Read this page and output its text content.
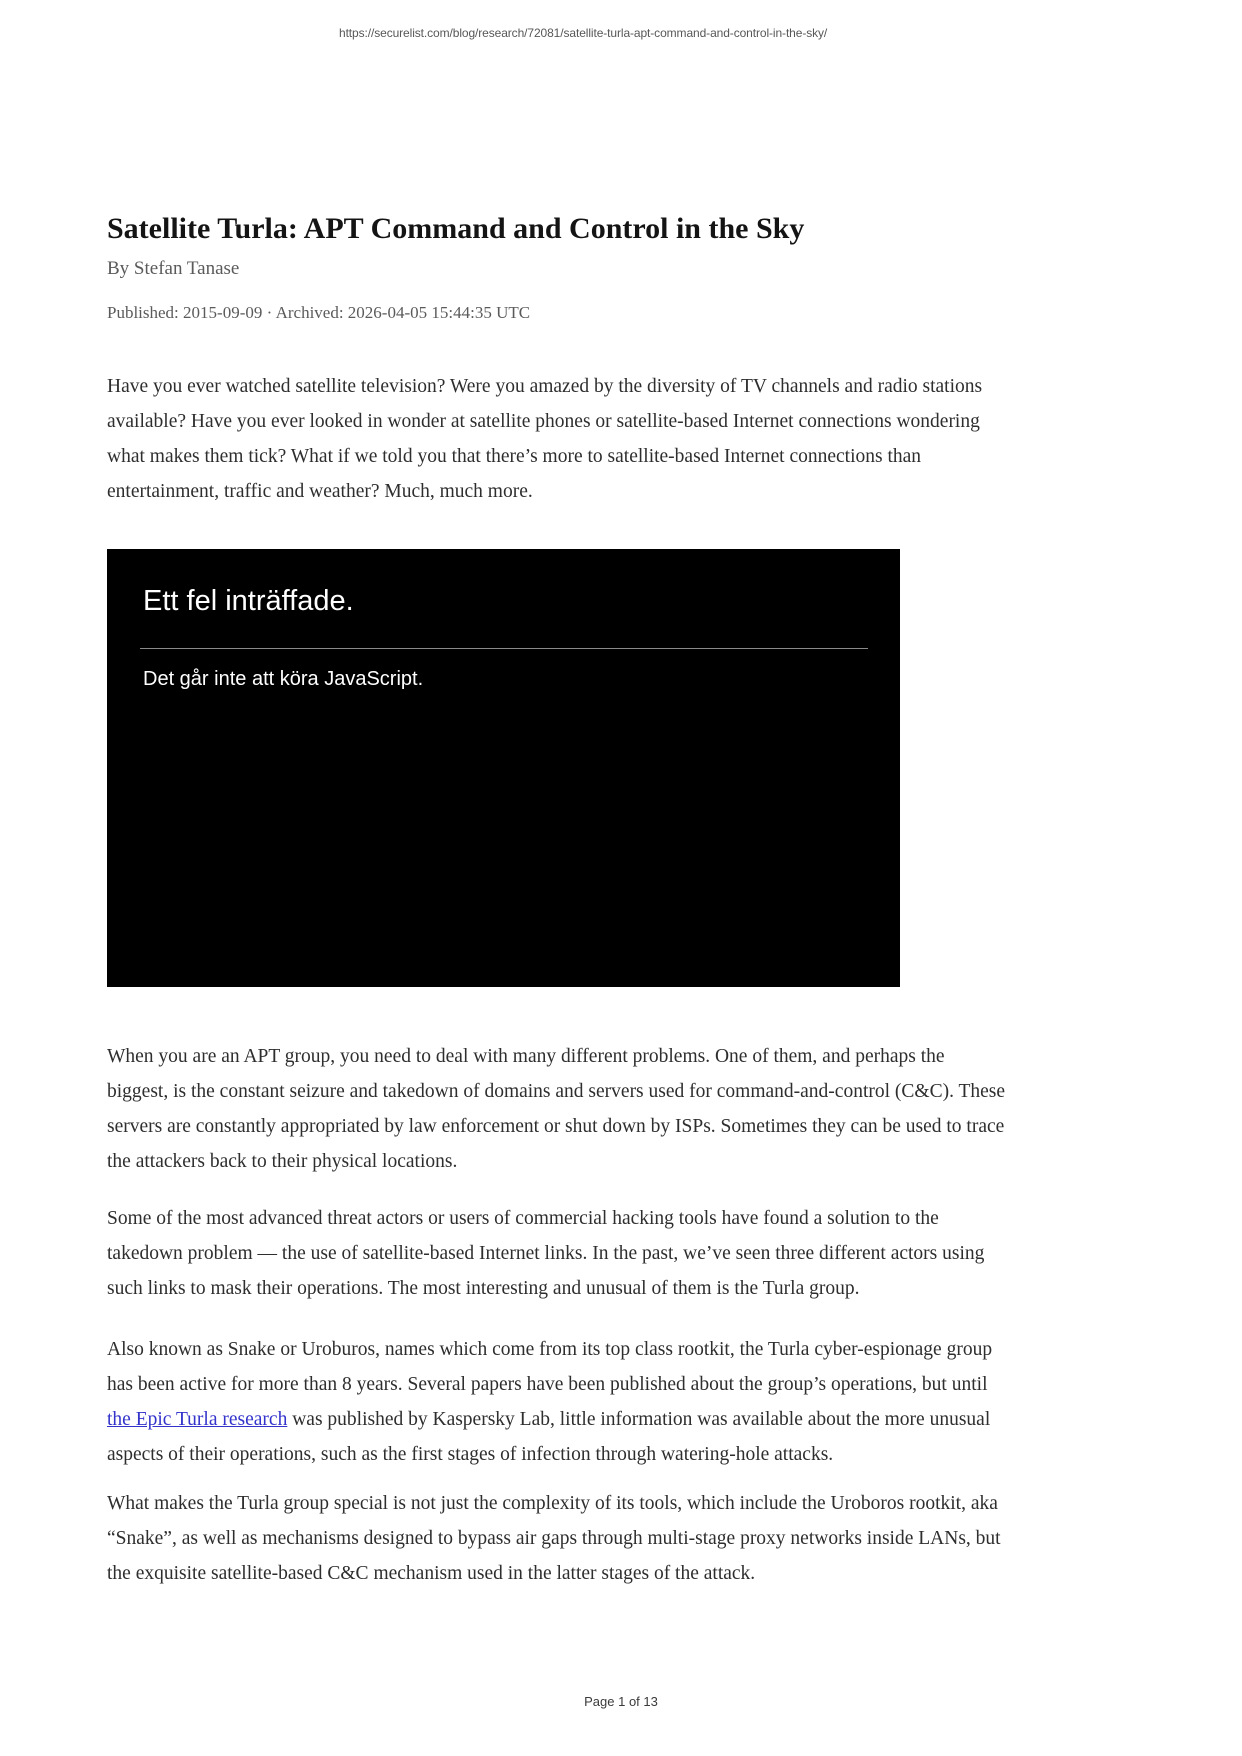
https://securelist.com/blog/research/72081/satellite-turla-apt-command-and-control-in-the-sky/
Satellite Turla: APT Command and Control in the Sky
By Stefan Tanase
Published: 2015-09-09 · Archived: 2026-04-05 15:44:35 UTC

Have you ever watched satellite television? Were you amazed by the diversity of TV channels and radio stations available? Have you ever looked in wonder at satellite phones or satellite-based Internet connections wondering what makes them tick? What if we told you that there’s more to satellite-based Internet connections than entertainment, traffic and weather? Much, much more.

Ett fel inträffade.
Det går inte att köra JavaScript.

When you are an APT group, you need to deal with many different problems. One of them, and perhaps the biggest, is the constant seizure and takedown of domains and servers used for command-and-control (C&C). These servers are constantly appropriated by law enforcement or shut down by ISPs. Sometimes they can be used to trace the attackers back to their physical locations.

Some of the most advanced threat actors or users of commercial hacking tools have found a solution to the takedown problem — the use of satellite-based Internet links. In the past, we’ve seen three different actors using such links to mask their operations. The most interesting and unusual of them is the Turla group.

Also known as Snake or Uroburos, names which come from its top class rootkit, the Turla cyber-espionage group has been active for more than 8 years. Several papers have been published about the group’s operations, but until the Epic Turla research was published by Kaspersky Lab, little information was available about the more unusual aspects of their operations, such as the first stages of infection through watering-hole attacks.

What makes the Turla group special is not just the complexity of its tools, which include the Uroboros rootkit, aka “Snake”, as well as mechanisms designed to bypass air gaps through multi-stage proxy networks inside LANs, but the exquisite satellite-based C&C mechanism used in the latter stages of the attack.

Page 1 of 13
